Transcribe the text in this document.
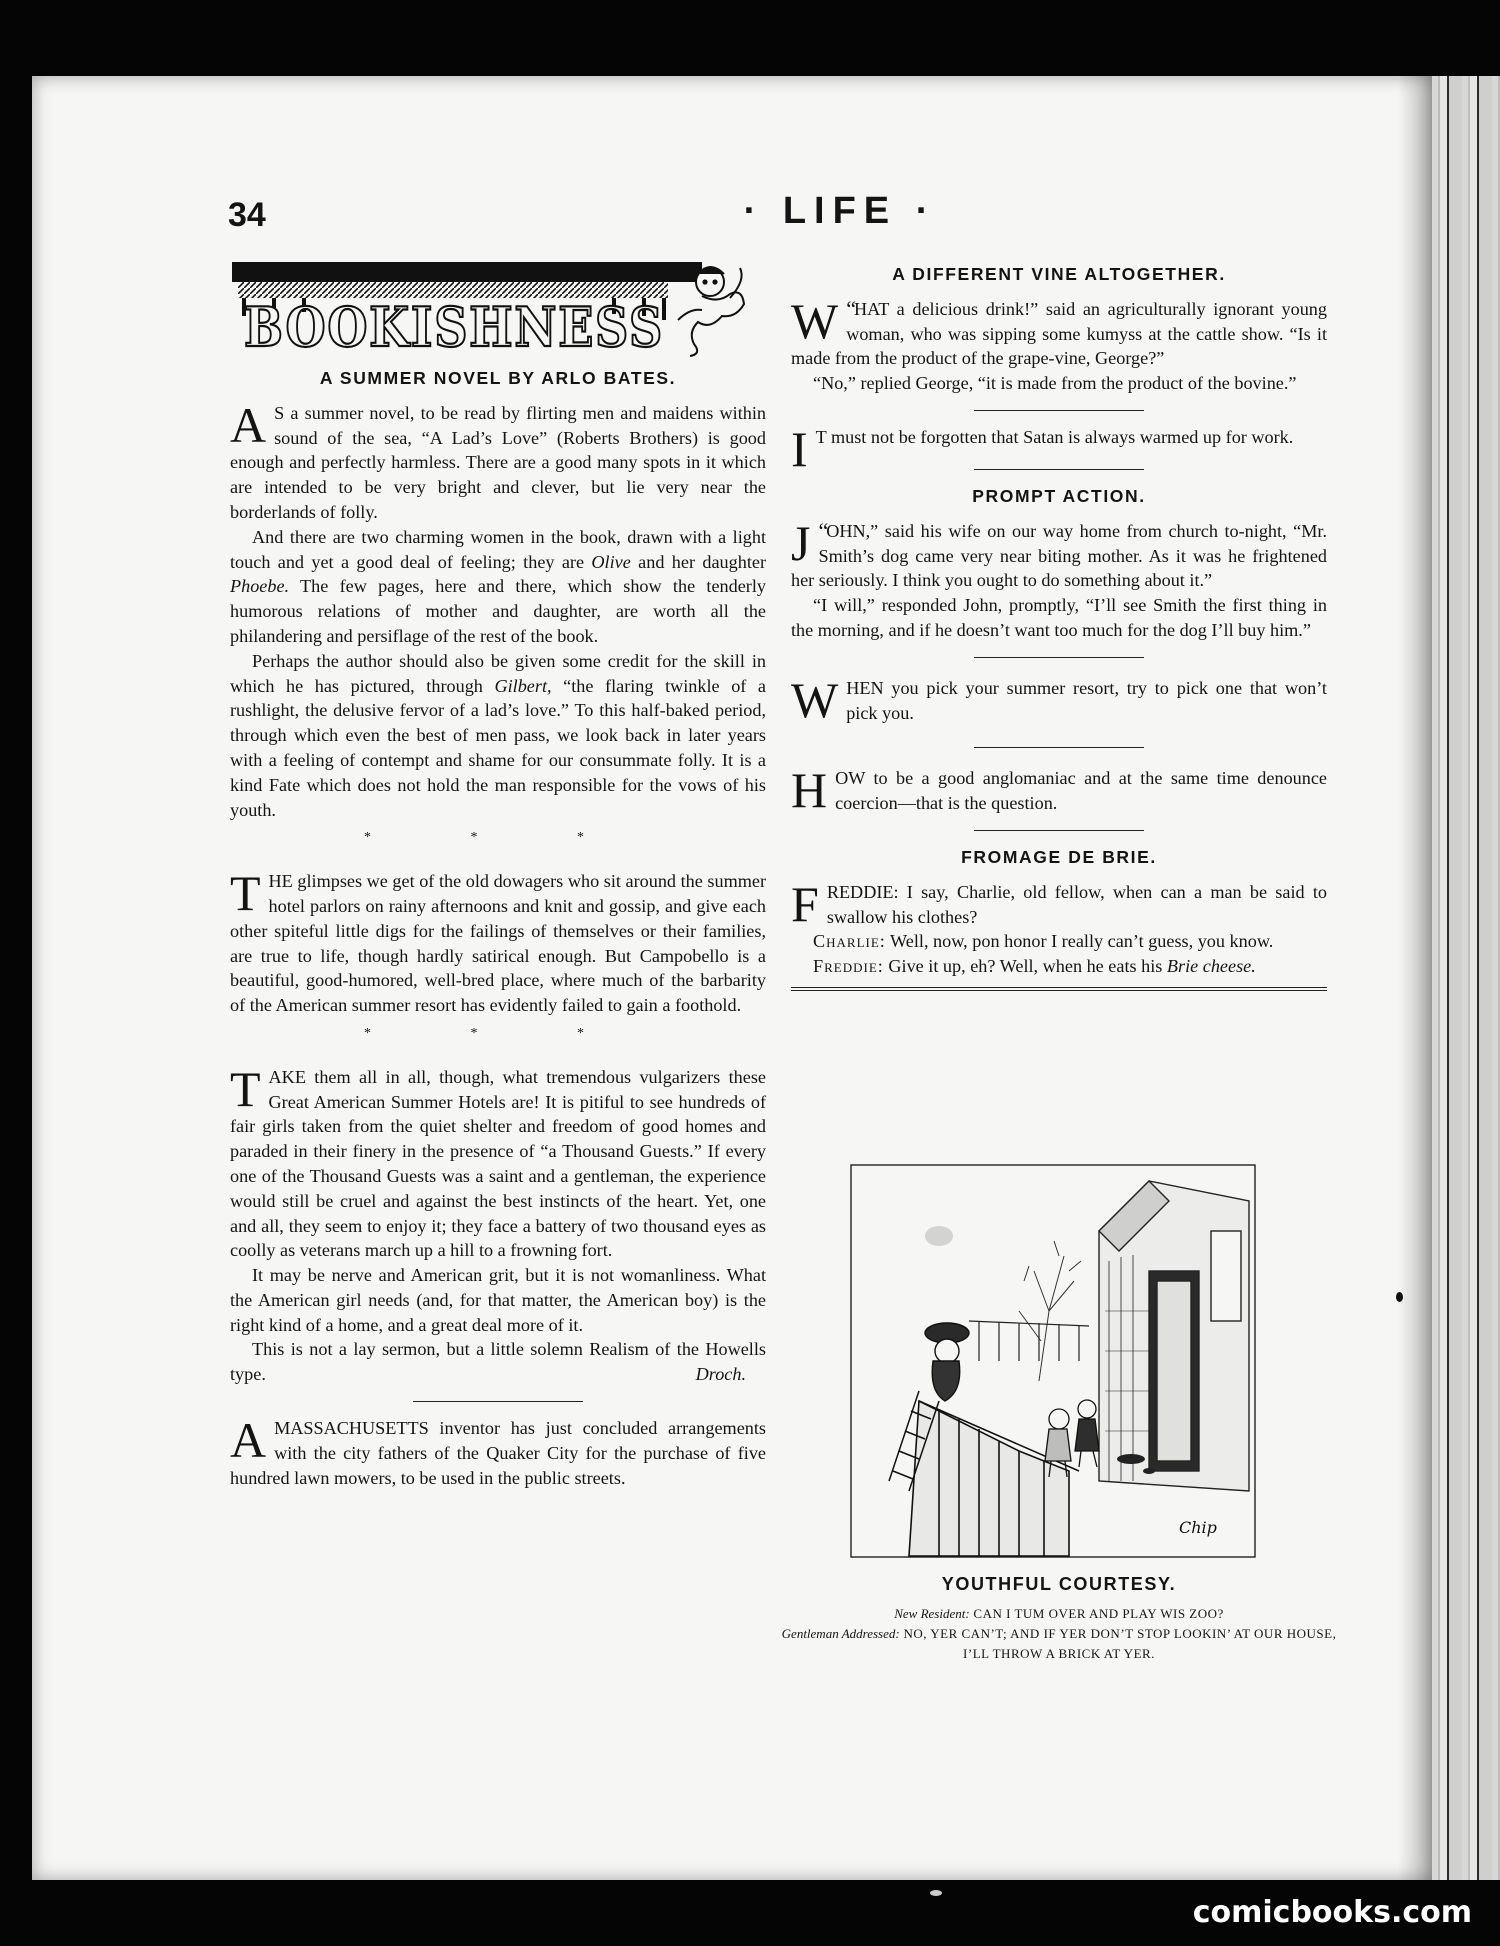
34	· LIFE ·
BOOKISHNESS
A SUMMER NOVEL BY ARLO BATES.

A S a summer novel, to be read by flirting men and maidens within sound of the sea, “A Lad’s Love” (Roberts Brothers) is good enough and perfectly harmless. There are a good many spots in it which are intended to be very bright and clever, but lie very near the borderlands of folly.

And there are two charming women in the book, drawn with a light touch and yet a good deal of feeling; they are Olive and her daughter Phoebe. The few pages, here and there, which show the tenderly humorous relations of mother and daughter, are worth all the philandering and persiflage of the rest of the book.

Perhaps the author should also be given some credit for the skill in which he has pictured, through Gilbert, “the flaring twinkle of a rushlight, the delusive fervor of a lad’s love.” To this half-baked period, through which even the best of men pass, we look back in later years with a feeling of contempt and shame for our consummate folly. It is a kind Fate which does not hold the man responsible for the vows of his youth.

* * *

THE glimpses we get of the old dowagers who sit around the summer hotel parlors on rainy afternoons and knit and gossip, and give each other spiteful little digs for the failings of themselves or their families, are true to life, though hardly satirical enough. But Campobello is a beautiful, good-humored, well-bred place, where much of the barbarity of the American summer resort has evidently failed to gain a foothold.

* * *

TAKE them all in all, though, what tremendous vulgarizers these Great American Summer Hotels are! It is pitiful to see hundreds of fair girls taken from the quiet shelter and freedom of good homes and paraded in their finery in the presence of “a Thousand Guests.” If every one of the Thousand Guests was a saint and a gentleman, the experience would still be cruel and against the best instincts of the heart. Yet, one and all, they seem to enjoy it; they face a battery of two thousand eyes as coolly as veterans march up a hill to a frowning fort.

It may be nerve and American grit, but it is not womanliness. What the American girl needs (and, for that matter, the American boy) is the right kind of a home, and a great deal more of it.

This is not a lay sermon, but a little solemn Realism of the Howells type.	Droch.

A MASSACHUSETTS inventor has just concluded arrangements with the city fathers of the Quaker City for the purchase of five hundred lawn mowers, to be used in the public streets.

A DIFFERENT VINE ALTOGETHER.

“
W HAT a delicious drink!” said an agriculturally ignorant young woman, who was sipping some kumyss at the cattle show. “Is it made from the product of the grape-vine, George?”

“No,” replied George, “it is made from the product of the bovine.”

I T must not be forgotten that Satan is always warmed up for work.

PROMPT ACTION.

“
J OHN,” said his wife on our way home from church to-night, “Mr. Smith’s dog came very near biting mother. As it was he frightened her seriously. I think you ought to do something about it.”

“I will,” responded John, promptly, “I’ll see Smith the first thing in the morning, and if he doesn’t want too much for the dog I’ll buy him.”

WHEN you pick your summer resort, try to pick one that won’t pick you.

HOW to be a good anglomaniac and at the same time denounce coercion—that is the question.

FROMAGE DE BRIE.

FREDDIE: I say, Charlie, old fellow, when can a man be said to swallow his clothes?

Charlie: Well, now, pon honor I really can’t guess, you know.

Freddie: Give it up, eh? Well, when he eats his Brie cheese.

Chip
YOUTHFUL COURTESY.
New Resident: CAN I TUM OVER AND PLAY WIS ZOO?
Gentleman Addressed: NO, YER CAN’T; AND IF YER DON’T STOP LOOKIN’ AT OUR HOUSE, I’LL THROW A BRICK AT YER.
comicbooks.com
